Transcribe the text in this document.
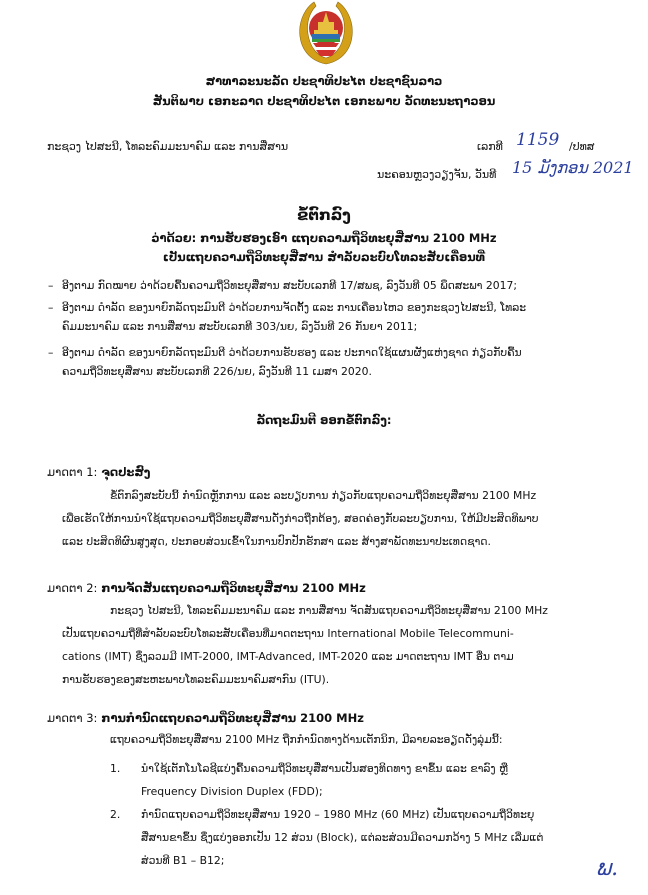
ສາທາລະນະລັດ ປະຊາທິປະໄຕ ປະຊາຊົນລາວ
ສັນຕິພາບ ເອກະລາດ ປະຊາທິປະໄຕ ເອກະພາບ ວັດທະນະຖາວອນ
ກະຊວງ ໄປສະນີ, ໂທລະຄົມມະນາຄົມ ແລະ ການສື່ສານ	ເລກທີ 1159 /ປທສ
ນະຄອນຫຼວງວຽງຈັນ, ວັນທີ 15 ມັງກອນ 2021
ຂໍ້ຕົກລົງ
ວ່າດ້ວຍ: ການຮັບຮອງເອົາ ແຖບຄວາມຖີ່ວິທະຍຸສື່ສານ 2100 MHz
ເປັນແຖບຄວາມຖີ່ວິທະຍຸສື່ສານ ສໍາລັບລະບົບໂທລະສັບເຄື່ອນທີ່
– ອີງຕາມ ກົດໝາຍ ວ່າດ້ວຍຄື້ນຄວາມຖີ່ວິທະຍຸສື່ສານ ສະບັບເລກທີ 17/ສພຊ, ລົງວັນທີ 05 ພຶດສະພາ 2017;
– ອີງຕາມ ດໍາລັດ ຂອງນາຍົກລັດຖະມົນຕີ ວ່າດ້ວຍການຈັດຕັ້ງ ແລະ ການເຄື່ອນໄຫວ ຂອງກະຊວງໄປສະນີ, ໂທລະ
ຄົມມະນາຄົມ ແລະ ການສື່ສານ ສະບັບເລກທີ 303/ນຍ, ລົງວັນທີ 26 ກັນຍາ 2011;
– ອີງຕາມ ດໍາລັດ ຂອງນາຍົກລັດຖະມົນຕີ ວ່າດ້ວຍການຮັບຮອງ ແລະ ປະກາດໃຊ້ແຜນຜັງແຫ່ງຊາດ ກ່ຽວກັບຄື້ນ
ຄວາມຖີ່ວິທະຍຸສື່ສານ ສະບັບເລກທີ 226/ນຍ, ລົງວັນທີ 11 ເມສາ 2020.
ລັດຖະມົນຕີ ອອກຂໍ້ຕົກລົງ:
ມາດຕາ 1: ຈຸດປະສົງ
ຂໍ້ຕົກລົງສະບັບນີ້ ກໍານົດຫຼັກການ ແລະ ລະບຽບການ ກ່ຽວກັບແຖບຄວາມຖີ່ວິທະຍຸສື່ສານ 2100 MHz
ເພື່ອເຮັດໃຫ້ການນໍາໃຊ້ແຖບຄວາມຖີ່ວິທະຍຸສື່ສານດັ່ງກ່າວຖືກຕ້ອງ, ສອດຄ່ອງກັບລະບຽບການ, ໃຫ້ມີປະສິດທິພາບ
ແລະ ປະສິດທິຜົນສູງສຸດ, ປະກອບສ່ວນເຂົ້າໃນການປົກປັກຮັກສາ ແລະ ສ້າງສາພັດທະນາປະເທດຊາດ.
ມາດຕາ 2: ການຈັດສັນແຖບຄວາມຖີ່ວິທະຍຸສື່ສານ 2100 MHz
ກະຊວງ ໄປສະນີ, ໂທລະຄົມມະນາຄົມ ແລະ ການສື່ສານ ຈັດສັນແຖບຄວາມຖີ່ວິທະຍຸສື່ສານ 2100 MHz
ເປັນແຖບຄວາມຖີ່ທີ່ສໍາລັບລະບົບໂທລະສັບເຄື່ອນທີ່ມາດຕະຖານ International Mobile Telecommuni-
cations (IMT) ຊຶ່ງລວມມີ IMT-2000, IMT-Advanced, IMT-2020 ແລະ ມາດຕະຖານ IMT ອື່ນ ຕາມ
ການຮັບຮອງຂອງສະຫະພາບໂທລະຄົມມະນາຄົມສາກົນ (ITU).
ມາດຕາ 3: ການກໍານົດແຖບຄວາມຖີ່ວິທະຍຸສື່ສານ 2100 MHz
ແຖບຄວາມຖີ່ວິທະຍຸສື່ສານ 2100 MHz ຖືກກໍານົດທາງດ້ານເຕັກນິກ, ມີລາຍລະອຽດດັ່ງລຸ່ມນີ້:
1. ນໍາໃຊ້ເຕັກໂນໂລຊີແບ່ງຄື້ນຄວາມຖີ່ວິທະຍຸສື່ສານເປັນສອງທິດທາງ ຂາຂຶ້ນ ແລະ ຂາລົງ ຫຼື
Frequency Division Duplex (FDD);
2. ກໍານົດແຖບຄວາມຖີ່ວິທະຍຸສື່ສານ 1920 – 1980 MHz (60 MHz) ເປັນແຖບຄວາມຖີ່ວິທະຍຸ
ສື່ສານຂາຂຶ້ນ ຊຶ່ງແບ່ງອອກເປັນ 12 ສ່ວນ (Block), ແຕ່ລະສ່ວນມີຄວາມກວ້າງ 5 MHz ເລີ່ມແຕ່
ສ່ວນທີ B1 – B12;	ພ.
